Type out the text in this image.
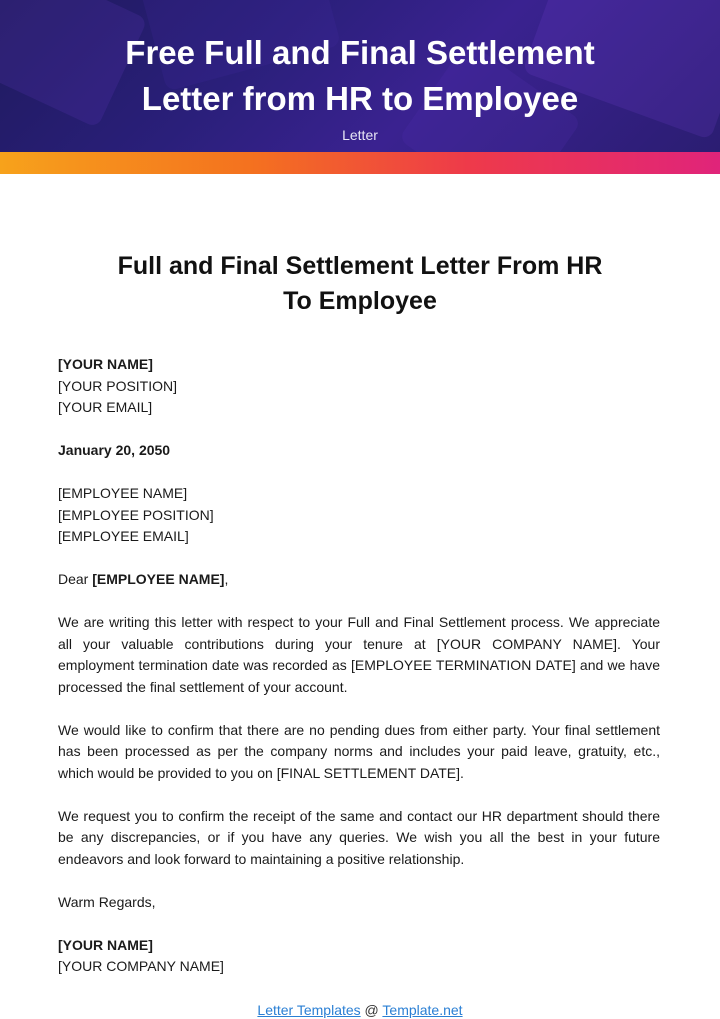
Free Full and Final Settlement
Letter from HR to Employee
Letter
Full and Final Settlement Letter From HR
To Employee

[YOUR NAME]

[YOUR POSITION]

[YOUR EMAIL]

January 20, 2050

[EMPLOYEE NAME]

[EMPLOYEE POSITION]

[EMPLOYEE EMAIL]

Dear [EMPLOYEE NAME],

We are writing this letter with respect to your Full and Final Settlement process. We appreciate all your valuable contributions during your tenure at [YOUR COMPANY NAME]. Your employment termination date was recorded as [EMPLOYEE TERMINATION DATE] and we have processed the final settlement of your account.

We would like to confirm that there are no pending dues from either party. Your final settlement has been processed as per the company norms and includes your paid leave, gratuity, etc., which would be provided to you on [FINAL SETTLEMENT DATE].

We request you to confirm the receipt of the same and contact our HR department should there be any discrepancies, or if you have any queries. We wish you all the best in your future endeavors and look forward to maintaining a positive relationship.

Warm Regards,

[YOUR NAME]

[YOUR COMPANY NAME]

Letter Templates @ Template.net
